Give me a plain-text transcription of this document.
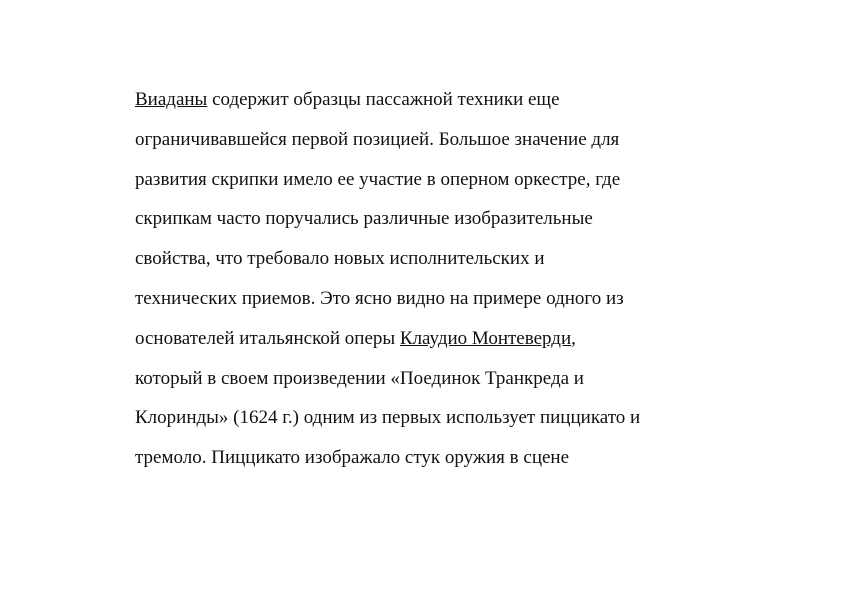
Виаданы содержит образцы пассажной техники еще
ограничивавшейся первой позицией. Большое значение для
развития скрипки имело ее участие в оперном оркестре, где
скрипкам часто поручались различные изобразительные
свойства, что требовало новых исполнительских и
технических приемов. Это ясно видно на примере одного из
основателей итальянской оперы Клаудио Монтеверди,
который в своем произведении «Поединок Транкреда и
Клоринды» (1624 г.) одним из первых использует пиццикато и
тремоло. Пиццикато изображало стук оружия в сцене
